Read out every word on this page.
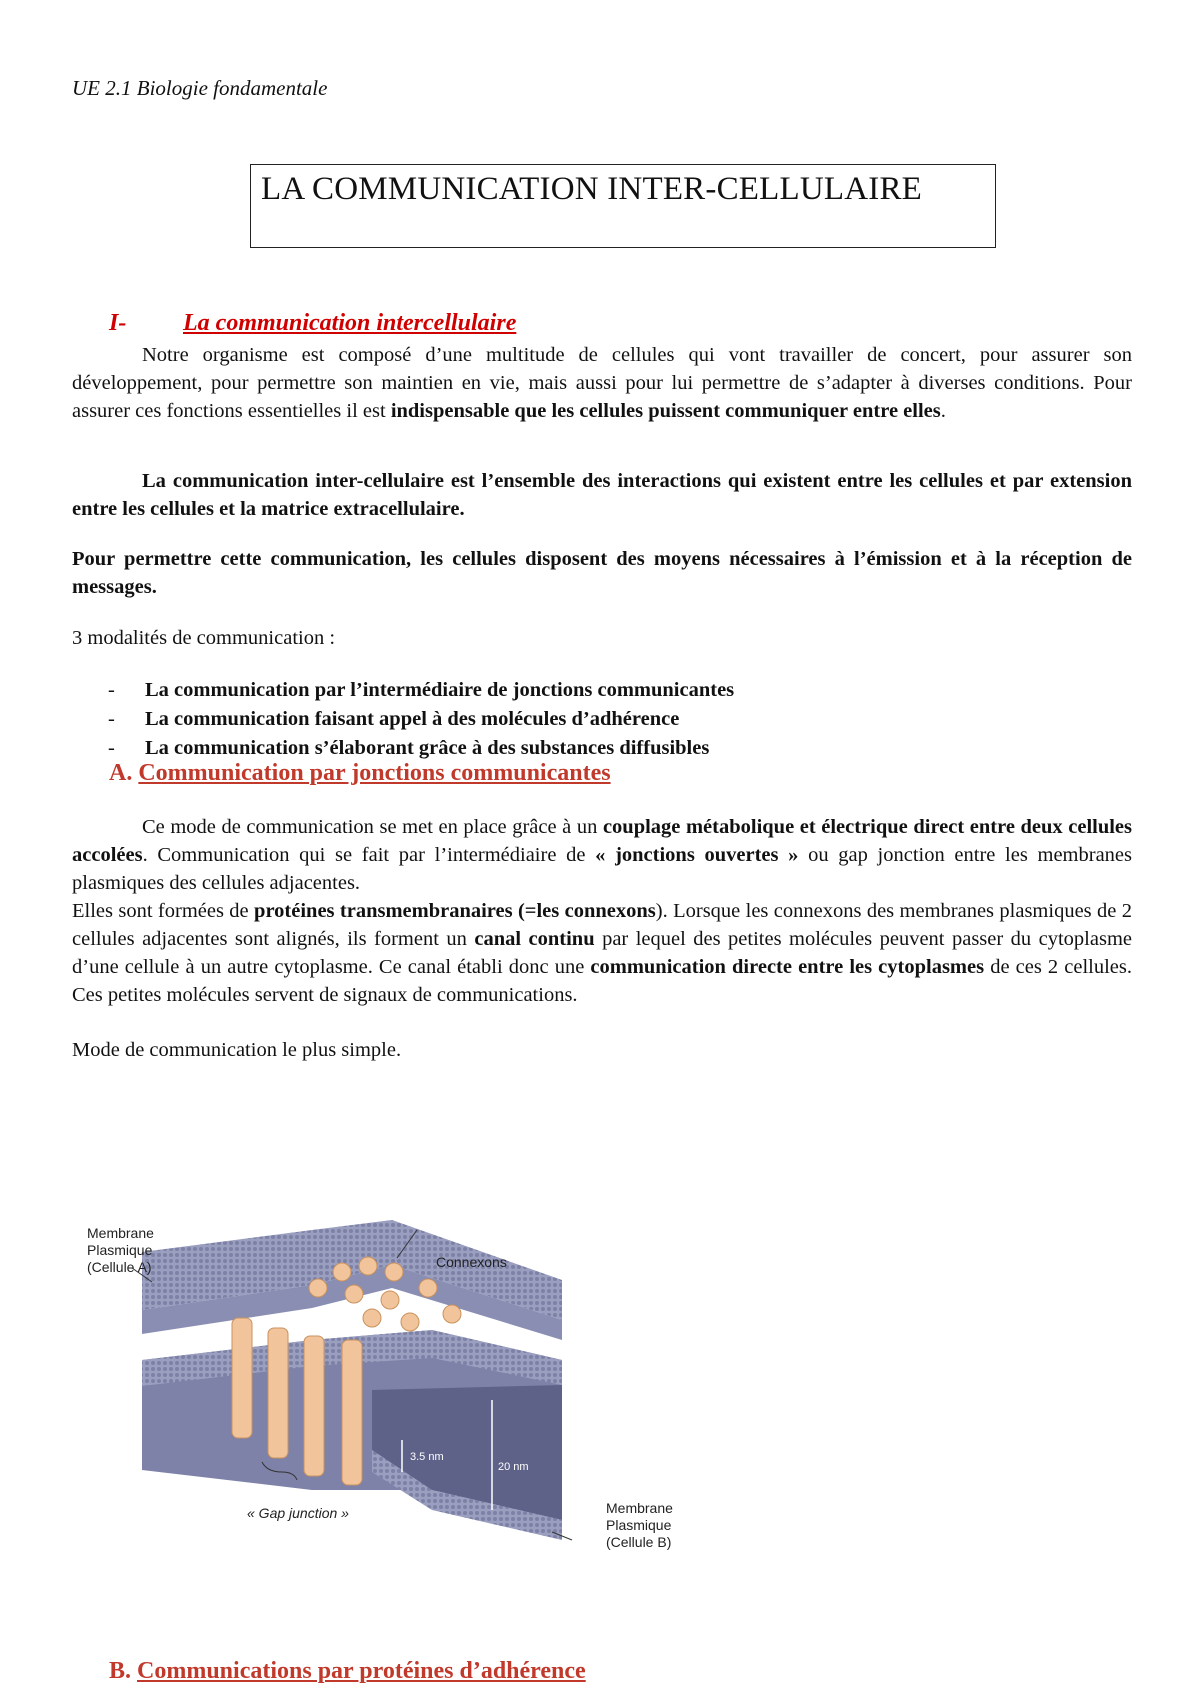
UE 2.1 Biologie fondamentale
LA COMMUNICATION INTER-CELLULAIRE
I- La communication intercellulaire
Notre organisme est composé d’une multitude de cellules qui vont travailler de concert, pour assurer son développement, pour permettre son maintien en vie, mais aussi pour lui permettre de s’adapter à diverses conditions. Pour assurer ces fonctions essentielles il est indispensable que les cellules puissent communiquer entre elles.
La communication inter-cellulaire est l’ensemble des interactions qui existent entre les cellules et par extension entre les cellules et la matrice extracellulaire.
Pour permettre cette communication, les cellules disposent des moyens nécessaires à l’émission et à la réception de messages.
3 modalités de communication :
- La communication par l’intermédiaire de jonctions communicantes
- La communication faisant appel à des molécules d’adhérence
- La communication s’élaborant grâce à des substances diffusibles
A. Communication par jonctions communicantes
Ce mode de communication se met en place grâce à un couplage métabolique et électrique direct entre deux cellules accolées. Communication qui se fait par l’intermédiaire de « jonctions ouvertes » ou gap jonction entre les membranes plasmiques des cellules adjacentes.
Elles sont formées de protéines transmembranaires (=les connexons). Lorsque les connexons des membranes plasmiques de 2 cellules adjacentes sont alignés, ils forment un canal continu par lequel des petites molécules peuvent passer du cytoplasme d’une cellule à un autre cytoplasme. Ce canal établi donc une communication directe entre les cytoplasmes de ces 2 cellules. Ces petites molécules servent de signaux de communications.
Mode de communication le plus simple.
3.5 nm
20 nm
Membrane
Plasmique
(Cellule A)	Connexons
« Gap junction »	Membrane
Plasmique
(Cellule B)
B. Communications par protéines d’adhérence
